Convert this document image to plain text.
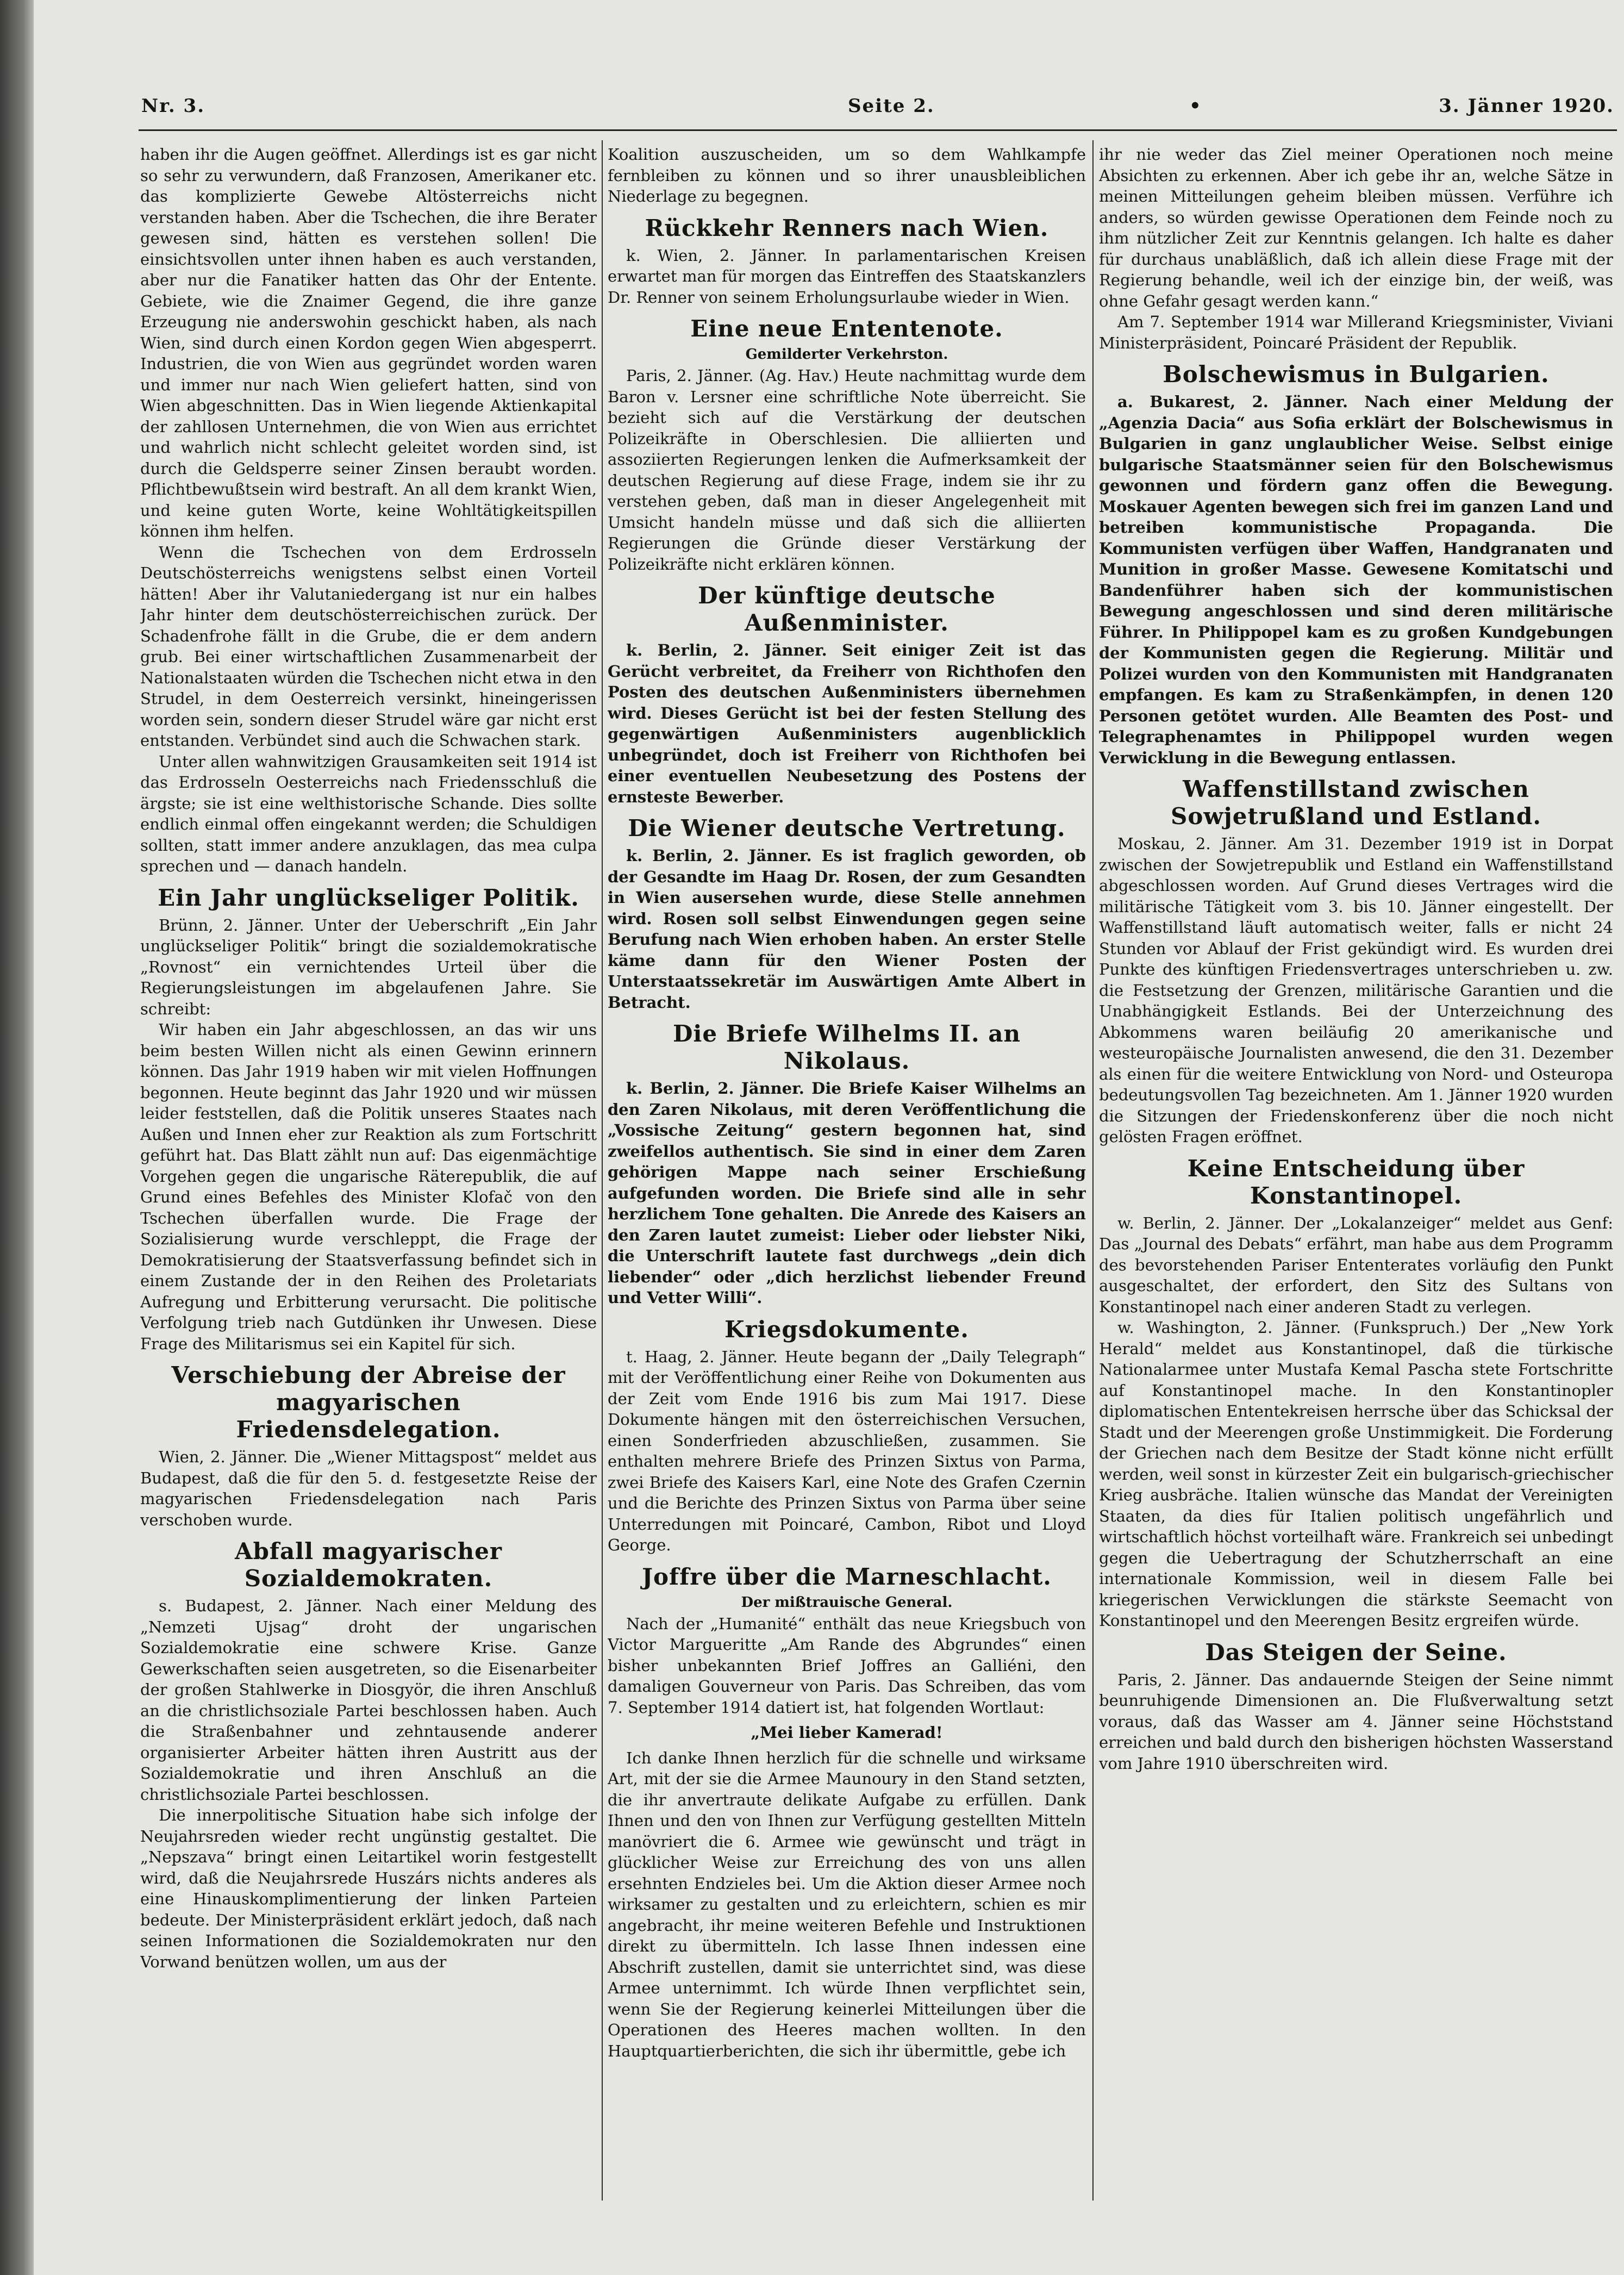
Nr. 3.	Seite 2.	•	3. Jänner 1920.

haben ihr die Augen geöffnet. Allerdings ist es gar nicht so sehr zu verwundern, daß Franzosen, Amerikaner etc. das komplizierte Gewebe Altösterreichs nicht verstanden haben. Aber die Tschechen, die ihre Berater gewesen sind, hätten es verstehen sollen! Die einsichtsvollen unter ihnen haben es auch verstanden, aber nur die Fanatiker hatten das Ohr der Entente. Gebiete, wie die Znaimer Gegend, die ihre ganze Erzeugung nie anderswohin geschickt haben, als nach Wien, sind durch einen Kordon gegen Wien abgesperrt. Industrien, die von Wien aus gegründet worden waren und immer nur nach Wien geliefert hatten, sind von Wien abgeschnitten. Das in Wien liegende Aktienkapital der zahllosen Unternehmen, die von Wien aus errichtet und wahrlich nicht schlecht geleitet worden sind, ist durch die Geldsperre seiner Zinsen beraubt worden. Pflichtbewußtsein wird bestraft. An all dem krankt Wien, und keine guten Worte, keine Wohltätigkeitspillen können ihm helfen.

Wenn die Tschechen von dem Erdrosseln Deutschösterreichs wenigstens selbst einen Vorteil hätten! Aber ihr Valutaniedergang ist nur ein halbes Jahr hinter dem deutschösterreichischen zurück. Der Schadenfrohe fällt in die Grube, die er dem andern grub. Bei einer wirtschaftlichen Zusammenarbeit der Nationalstaaten würden die Tschechen nicht etwa in den Strudel, in dem Oesterreich versinkt, hineingerissen worden sein, sondern dieser Strudel wäre gar nicht erst entstanden. Verbündet sind auch die Schwachen stark.

Unter allen wahnwitzigen Grausamkeiten seit 1914 ist das Erdrosseln Oesterreichs nach Friedensschluß die ärgste; sie ist eine welthistorische Schande. Dies sollte endlich einmal offen eingekannt werden; die Schuldigen sollten, statt immer andere anzuklagen, das mea culpa sprechen und — danach handeln.

Ein Jahr unglückseliger Politik.

Brünn, 2. Jänner. Unter der Ueberschrift „Ein Jahr unglückseliger Politik“ bringt die sozialdemokratische „Rovnost“ ein vernichtendes Urteil über die Regierungsleistungen im abgelaufenen Jahre. Sie schreibt:

Wir haben ein Jahr abgeschlossen, an das wir uns beim besten Willen nicht als einen Gewinn erinnern können. Das Jahr 1919 haben wir mit vielen Hoffnungen begonnen. Heute beginnt das Jahr 1920 und wir müssen leider feststellen, daß die Politik unseres Staates nach Außen und Innen eher zur Reaktion als zum Fortschritt geführt hat. Das Blatt zählt nun auf: Das eigenmächtige Vorgehen gegen die ungarische Räterepublik, die auf Grund eines Befehles des Minister Klofač von den Tschechen überfallen wurde. Die Frage der Sozialisierung wurde verschleppt, die Frage der Demokratisierung der Staatsverfassung befindet sich in einem Zustande der in den Reihen des Proletariats Aufregung und Erbitterung verursacht. Die politische Verfolgung trieb nach Gutdünken ihr Unwesen. Diese Frage des Militarismus sei ein Kapitel für sich.

Verschiebung der Abreise der magyarischen Friedensdelegation.

Wien, 2. Jänner. Die „Wiener Mittagspost“ meldet aus Budapest, daß die für den 5. d. festgesetzte Reise der magyarischen Friedensdelegation nach Paris verschoben wurde.

Abfall magyarischer Sozialdemokraten.

s. Budapest, 2. Jänner. Nach einer Meldung des „Nemzeti Ujsag“ droht der ungarischen Sozialdemokratie eine schwere Krise. Ganze Gewerkschaften seien ausgetreten, so die Eisenarbeiter der großen Stahlwerke in Diosgyör, die ihren Anschluß an die christlichsoziale Partei beschlossen haben. Auch die Straßenbahner und zehntausende anderer organisierter Arbeiter hätten ihren Austritt aus der Sozialdemokratie und ihren Anschluß an die christlichsoziale Partei beschlossen.

Die innerpolitische Situation habe sich infolge der Neujahrsreden wieder recht ungünstig gestaltet. Die „Nepszava“ bringt einen Leitartikel worin festgestellt wird, daß die Neujahrsrede Huszárs nichts anderes als eine Hinauskomplimentierung der linken Parteien bedeute. Der Ministerpräsident erklärt jedoch, daß nach seinen Informationen die Sozialdemokraten nur den Vorwand benützen wollen, um aus der

Koalition auszuscheiden, um so dem Wahlkampfe fernbleiben zu können und so ihrer unausbleiblichen Niederlage zu begegnen.

Rückkehr Renners nach Wien.

k. Wien, 2. Jänner. In parlamentarischen Kreisen erwartet man für morgen das Eintreffen des Staatskanzlers Dr. Renner von seinem Erholungsurlaube wieder in Wien.

Eine neue Ententenote.
Gemilderter Verkehrston.

Paris, 2. Jänner. (Ag. Hav.) Heute nachmittag wurde dem Baron v. Lersner eine schriftliche Note überreicht. Sie bezieht sich auf die Verstärkung der deutschen Polizeikräfte in Oberschlesien. Die alliierten und assoziierten Regierungen lenken die Aufmerksamkeit der deutschen Regierung auf diese Frage, indem sie ihr zu verstehen geben, daß man in dieser Angelegenheit mit Umsicht handeln müsse und daß sich die alliierten Regierungen die Gründe dieser Verstärkung der Polizeikräfte nicht erklären können.

Der künftige deutsche Außenminister.

k. Berlin, 2. Jänner. Seit einiger Zeit ist das Gerücht verbreitet, da Freiherr von Richthofen den Posten des deutschen Außenministers übernehmen wird. Dieses Gerücht ist bei der festen Stellung des gegenwärtigen Außenministers augenblicklich unbegründet, doch ist Freiherr von Richthofen bei einer eventuellen Neubesetzung des Postens der ernsteste Bewerber.

Die Wiener deutsche Vertretung.

k. Berlin, 2. Jänner. Es ist fraglich geworden, ob der Gesandte im Haag Dr. Rosen, der zum Gesandten in Wien ausersehen wurde, diese Stelle annehmen wird. Rosen soll selbst Einwendungen gegen seine Berufung nach Wien erhoben haben. An erster Stelle käme dann für den Wiener Posten der Unterstaatssekretär im Auswärtigen Amte Albert in Betracht.

Die Briefe Wilhelms II. an Nikolaus.

k. Berlin, 2. Jänner. Die Briefe Kaiser Wilhelms an den Zaren Nikolaus, mit deren Veröffentlichung die „Vossische Zeitung“ gestern begonnen hat, sind zweifellos authentisch. Sie sind in einer dem Zaren gehörigen Mappe nach seiner Erschießung aufgefunden worden. Die Briefe sind alle in sehr herzlichem Tone gehalten. Die Anrede des Kaisers an den Zaren lautet zumeist: Lieber oder liebster Niki, die Unterschrift lautete fast durchwegs „dein dich liebender“ oder „dich herzlichst liebender Freund und Vetter Willi“.

Kriegsdokumente.

t. Haag, 2. Jänner. Heute begann der „Daily Telegraph“ mit der Veröffentlichung einer Reihe von Dokumenten aus der Zeit vom Ende 1916 bis zum Mai 1917. Diese Dokumente hängen mit den österreichischen Versuchen, einen Sonderfrieden abzuschließen, zusammen. Sie enthalten mehrere Briefe des Prinzen Sixtus von Parma, zwei Briefe des Kaisers Karl, eine Note des Grafen Czernin und die Berichte des Prinzen Sixtus von Parma über seine Unterredungen mit Poincaré, Cambon, Ribot und Lloyd George.

Joffre über die Marneschlacht.
Der mißtrauische General.

Nach der „Humanité“ enthält das neue Kriegsbuch von Victor Margueritte „Am Rande des Abgrundes“ einen bisher unbekannten Brief Joffres an Galliéni, den damaligen Gouverneur von Paris. Das Schreiben, das vom 7. September 1914 datiert ist, hat folgenden Wortlaut:

„Mei lieber Kamerad!

Ich danke Ihnen herzlich für die schnelle und wirksame Art, mit der sie die Armee Maunoury in den Stand setzten, die ihr anvertraute delikate Aufgabe zu erfüllen. Dank Ihnen und den von Ihnen zur Verfügung gestellten Mitteln manövriert die 6. Armee wie gewünscht und trägt in glücklicher Weise zur Erreichung des von uns allen ersehnten Endzieles bei. Um die Aktion dieser Armee noch wirksamer zu gestalten und zu erleichtern, schien es mir angebracht, ihr meine weiteren Befehle und Instruktionen direkt zu übermitteln. Ich lasse Ihnen indessen eine Abschrift zustellen, damit sie unterrichtet sind, was diese Armee unternimmt. Ich würde Ihnen verpflichtet sein, wenn Sie der Regierung keinerlei Mitteilungen über die Operationen des Heeres machen wollten. In den Hauptquartierberichten, die sich ihr übermittle, gebe ich

ihr nie weder das Ziel meiner Operationen noch meine Absichten zu erkennen. Aber ich gebe ihr an, welche Sätze in meinen Mitteilungen geheim bleiben müssen. Verführe ich anders, so würden gewisse Operationen dem Feinde noch zu ihm nützlicher Zeit zur Kenntnis gelangen. Ich halte es daher für durchaus unabläßlich, daß ich allein diese Frage mit der Regierung behandle, weil ich der einzige bin, der weiß, was ohne Gefahr gesagt werden kann.“

Am 7. September 1914 war Millerand Kriegsminister, Viviani Ministerpräsident, Poincaré Präsident der Republik.

Bolschewismus in Bulgarien.

a. Bukarest, 2. Jänner. Nach einer Meldung der „Agenzia Dacia“ aus Sofia erklärt der Bolschewismus in Bulgarien in ganz unglaublicher Weise. Selbst einige bulgarische Staatsmänner seien für den Bolschewismus gewonnen und fördern ganz offen die Bewegung. Moskauer Agenten bewegen sich frei im ganzen Land und betreiben kommunistische Propaganda. Die Kommunisten verfügen über Waffen, Handgranaten und Munition in großer Masse. Gewesene Komitatschi und Bandenführer haben sich der kommunistischen Bewegung angeschlossen und sind deren militärische Führer. In Philippopel kam es zu großen Kundgebungen der Kommunisten gegen die Regierung. Militär und Polizei wurden von den Kommunisten mit Handgranaten empfangen. Es kam zu Straßenkämpfen, in denen 120 Personen getötet wurden. Alle Beamten des Post- und Telegraphenamtes in Philippopel wurden wegen Verwicklung in die Bewegung entlassen.

Waffenstillstand zwischen Sowjetrußland und Estland.

Moskau, 2. Jänner. Am 31. Dezember 1919 ist in Dorpat zwischen der Sowjetrepublik und Estland ein Waffenstillstand abgeschlossen worden. Auf Grund dieses Vertrages wird die militärische Tätigkeit vom 3. bis 10. Jänner eingestellt. Der Waffenstillstand läuft automatisch weiter, falls er nicht 24 Stunden vor Ablauf der Frist gekündigt wird. Es wurden drei Punkte des künftigen Friedensvertrages unterschrieben u. zw. die Festsetzung der Grenzen, militärische Garantien und die Unabhängigkeit Estlands. Bei der Unterzeichnung des Abkommens waren beiläufig 20 amerikanische und westeuropäische Journalisten anwesend, die den 31. Dezember als einen für die weitere Entwicklung von Nord- und Osteuropa bedeutungsvollen Tag bezeichneten. Am 1. Jänner 1920 wurden die Sitzungen der Friedenskonferenz über die noch nicht gelösten Fragen eröffnet.

Keine Entscheidung über Konstantinopel.

w. Berlin, 2. Jänner. Der „Lokalanzeiger“ meldet aus Genf: Das „Journal des Debats“ erfährt, man habe aus dem Programm des bevorstehenden Pariser Ententerates vorläufig den Punkt ausgeschaltet, der erfordert, den Sitz des Sultans von Konstantinopel nach einer anderen Stadt zu verlegen.

w. Washington, 2. Jänner. (Funkspruch.) Der „New York Herald“ meldet aus Konstantinopel, daß die türkische Nationalarmee unter Mustafa Kemal Pascha stete Fortschritte auf Konstantinopel mache. In den Konstantinopler diplomatischen Ententekreisen herrsche über das Schicksal der Stadt und der Meerengen große Unstimmigkeit. Die Forderung der Griechen nach dem Besitze der Stadt könne nicht erfüllt werden, weil sonst in kürzester Zeit ein bulgarisch-griechischer Krieg ausbräche. Italien wünsche das Mandat der Vereinigten Staaten, da dies für Italien politisch ungefährlich und wirtschaftlich höchst vorteilhaft wäre. Frankreich sei unbedingt gegen die Uebertragung der Schutzherrschaft an eine internationale Kommission, weil in diesem Falle bei kriegerischen Verwicklungen die stärkste Seemacht von Konstantinopel und den Meerengen Besitz ergreifen würde.

Das Steigen der Seine.

Paris, 2. Jänner. Das andauernde Steigen der Seine nimmt beunruhigende Dimensionen an. Die Flußverwaltung setzt voraus, daß das Wasser am 4. Jänner seine Höchststand erreichen und bald durch den bisherigen höchsten Wasserstand vom Jahre 1910 überschreiten wird.
